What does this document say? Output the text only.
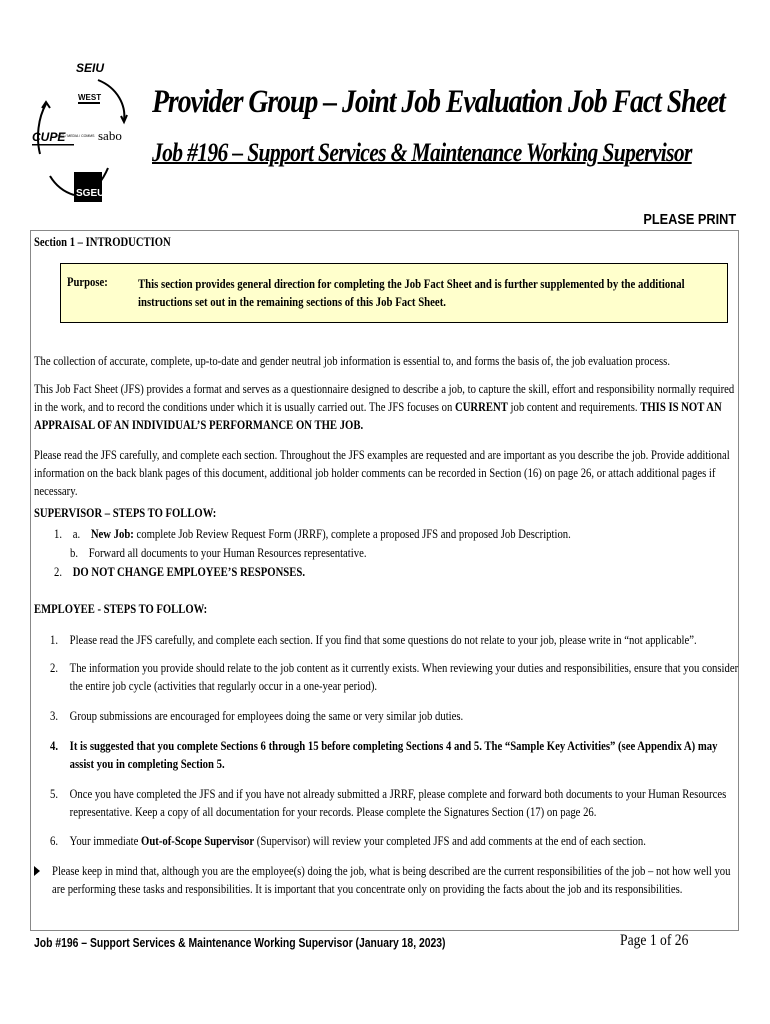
SEIU
WEST
CUPE
INFO / MEDIA / COMMS sabo
SGEU
Provider Group – Joint Job Evaluation Job Fact Sheet
Job #196 – Support Services & Maintenance Working Supervisor
PLEASE PRINT
Section 1 – INTRODUCTION
Purpose: This section provides general direction for completing the Job Fact Sheet and is further supplemented by the additional instructions set out in the remaining sections of this Job Fact Sheet.
The collection of accurate, complete, up-to-date and gender neutral job information is essential to, and forms the basis of, the job evaluation process.
This Job Fact Sheet (JFS) provides a format and serves as a questionnaire designed to describe a job, to capture the skill, effort and responsibility normally required in the work, and to record the conditions under which it is usually carried out. The JFS focuses on CURRENT job content and requirements. THIS IS NOT AN APPRAISAL OF AN INDIVIDUAL’S PERFORMANCE ON THE JOB.
Please read the JFS carefully, and complete each section. Throughout the JFS examples are requested and are important as you describe the job. Provide additional information on the back blank pages of this document, additional job holder comments can be recorded in Section (16) on page 26, or attach additional pages if necessary.
SUPERVISOR – STEPS TO FOLLOW:
1. a. New Job: complete Job Review Request Form (JRRF), complete a proposed JFS and proposed Job Description.
b. Forward all documents to your Human Resources representative.
2. DO NOT CHANGE EMPLOYEE’S RESPONSES.
EMPLOYEE - STEPS TO FOLLOW:
1. Please read the JFS carefully, and complete each section. If you find that some questions do not relate to your job, please write in “not applicable”.
2. The information you provide should relate to the job content as it currently exists. When reviewing your duties and responsibilities, ensure that you consider the entire job cycle (activities that regularly occur in a one-year period).
3. Group submissions are encouraged for employees doing the same or very similar job duties.
4. It is suggested that you complete Sections 6 through 15 before completing Sections 4 and 5. The “Sample Key Activities” (see Appendix A) may assist you in completing Section 5.
5. Once you have completed the JFS and if you have not already submitted a JRRF, please complete and forward both documents to your Human Resources representative. Keep a copy of all documentation for your records. Please complete the Signatures Section (17) on page 26.
6. Your immediate Out-of-Scope Supervisor (Supervisor) will review your completed JFS and add comments at the end of each section.
Please keep in mind that, although you are the employee(s) doing the job, what is being described are the current responsibilities of the job – not how well you are performing these tasks and responsibilities. It is important that you concentrate only on providing the facts about the job and its responsibilities.
Job #196 – Support Services & Maintenance Working Supervisor (January 18, 2023)	Page 1 of 26
